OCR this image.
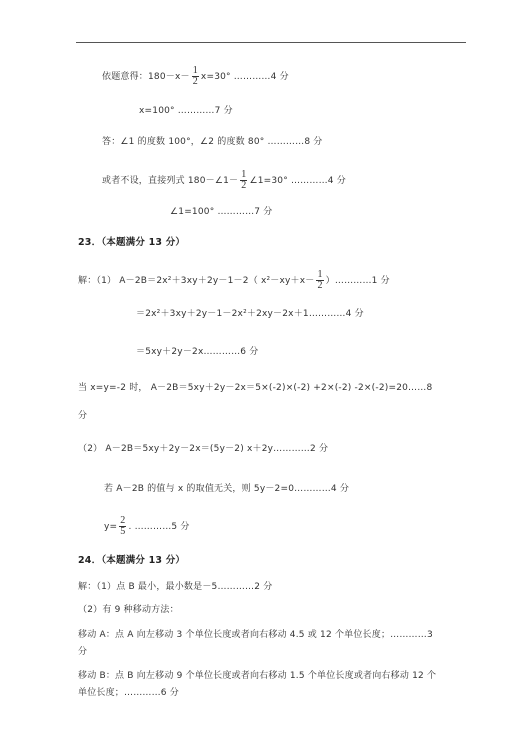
依题意得：$180-x- \frac{1}{2} x=30^\circ$ …………4 分
x=100° …………7 分
答：∠1 的度数 100°，∠2 的度数 80° …………8 分
或者不设，直接列式 180－∠1－ $\frac{1}{2}$ ∠1=30° …………4 分
∠1=100° …………7 分
23．（本题满分 13 分）
解：（1） A－2B＝2x²＋3xy＋2y－1－2（ $x^2-xy+x- \frac{1}{2}$ ）…………1 分
＝2x²＋3xy＋2y－1－2x²＋2xy－2x＋1…………4 分
＝5xy＋2y－2x…………6 分
当 x=y=-2 时， A－2B＝5xy＋2y－2x＝5×(-2)×(-2) +2×(-2) -2×(-2)=20……8
分
（2） A－2B＝5xy＋2y－2x＝(5y－2) x＋2y…………2 分
若 A－2B 的值与 x 的取值无关，则 5y－2=0…………4 分
$y= \frac{2}{5}$ . …………5 分
24．（本题满分 13 分）
解：（1）点 B 最小，最小数是－5…………2 分
（2）有 9 种移动方法：
移动 A：点 A 向左移动 3 个单位长度或者向右移动 4.5 或 12 个单位长度；…………3
分
移动 B：点 B 向左移动 9 个单位长度或者向右移动 1.5 个单位长度或者向右移动 12 个
单位长度；…………6 分
